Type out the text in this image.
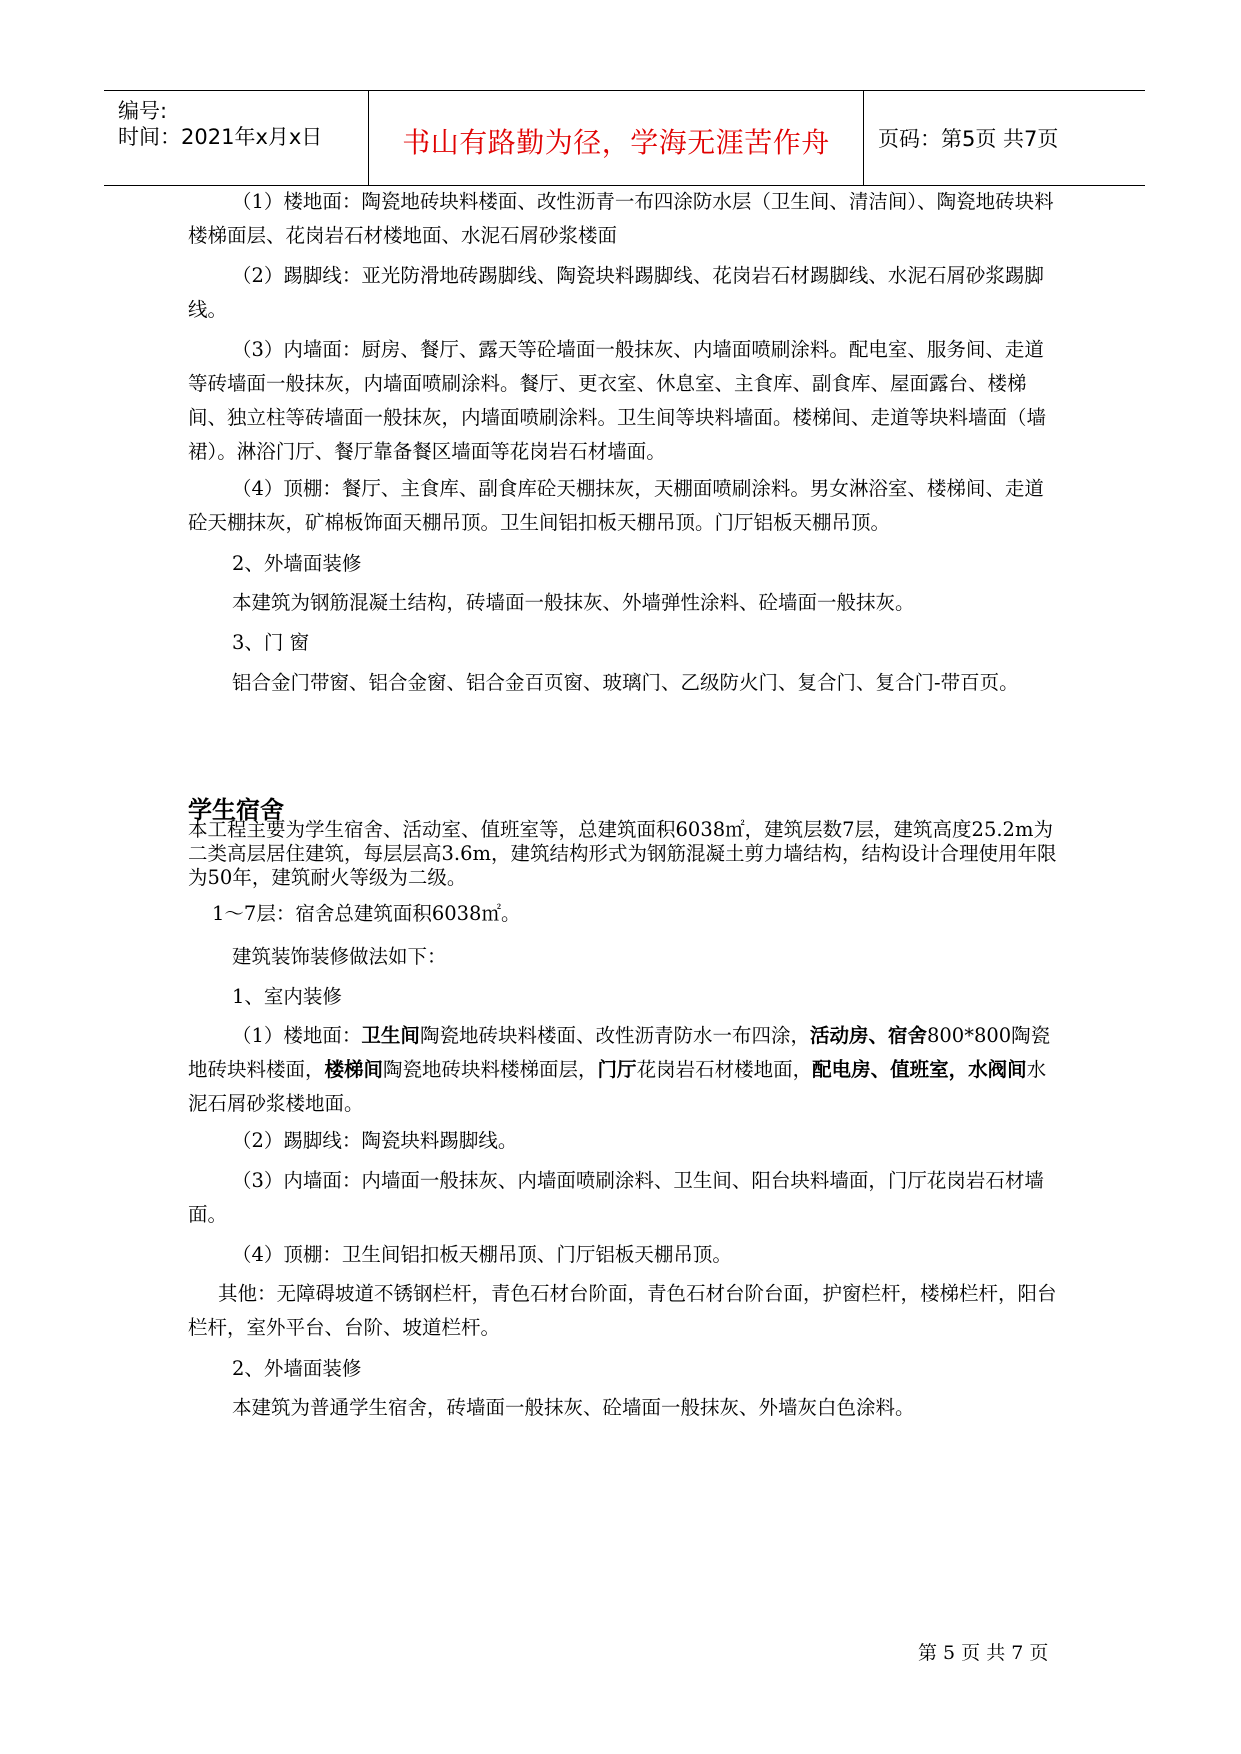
编号:
时间：2021年x月x日	书山有路勤为径，学海无涯苦作舟	页码：第5页 共7页

（1）楼地面：陶瓷地砖块料楼面、改性沥青一布四涂防水层（卫生间、清洁间）、陶瓷地砖块料楼梯面层、花岗岩石材楼地面、水泥石屑砂浆楼面

（2）踢脚线：亚光防滑地砖踢脚线、陶瓷块料踢脚线、花岗岩石材踢脚线、水泥石屑砂浆踢脚线。

（3）内墙面：厨房、餐厅、露天等砼墙面一般抹灰、内墙面喷刷涂料。配电室、服务间、走道等砖墙面一般抹灰，内墙面喷刷涂料。餐厅、更衣室、休息室、主食库、副食库、屋面露台、楼梯间、独立柱等砖墙面一般抹灰，内墙面喷刷涂料。卫生间等块料墙面。楼梯间、走道等块料墙面（墙裙）。淋浴门厅、餐厅靠备餐区墙面等花岗岩石材墙面。

（4）顶棚：餐厅、主食库、副食库砼天棚抹灰，天棚面喷刷涂料。男女淋浴室、楼梯间、走道砼天棚抹灰，矿棉板饰面天棚吊顶。卫生间铝扣板天棚吊顶。门厅铝板天棚吊顶。

2、外墙面装修

本建筑为钢筋混凝土结构，砖墙面一般抹灰、外墙弹性涂料、砼墙面一般抹灰。

3、门 窗

铝合金门带窗、铝合金窗、铝合金百页窗、玻璃门、乙级防火门、复合门、复合门-带百页。

学生宿舍

本工程主要为学生宿舍、活动室、值班室等，总建筑面积6038㎡，建筑层数7层，建筑高度25.2m为二类高层居住建筑，每层层高3.6m，建筑结构形式为钢筋混凝土剪力墙结构，结构设计合理使用年限为50年，建筑耐火等级为二级。

1～7层：宿舍总建筑面积6038㎡。

建筑装饰装修做法如下：

1、室内装修

（1）楼地面：卫生间陶瓷地砖块料楼面、改性沥青防水一布四涂，活动房、宿舍800*800陶瓷地砖块料楼面，楼梯间陶瓷地砖块料楼梯面层，门厅花岗岩石材楼地面，配电房、值班室，水阀间水泥石屑砂浆楼地面。

（2）踢脚线：陶瓷块料踢脚线。

（3）内墙面：内墙面一般抹灰、内墙面喷刷涂料、卫生间、阳台块料墙面，门厅花岗岩石材墙面。

（4）顶棚：卫生间铝扣板天棚吊顶、门厅铝板天棚吊顶。

其他：无障碍坡道不锈钢栏杆，青色石材台阶面，青色石材台阶台面，护窗栏杆，楼梯栏杆，阳台栏杆，室外平台、台阶、坡道栏杆。

2、外墙面装修

本建筑为普通学生宿舍，砖墙面一般抹灰、砼墙面一般抹灰、外墙灰白色涂料。

第 5 页 共 7 页
